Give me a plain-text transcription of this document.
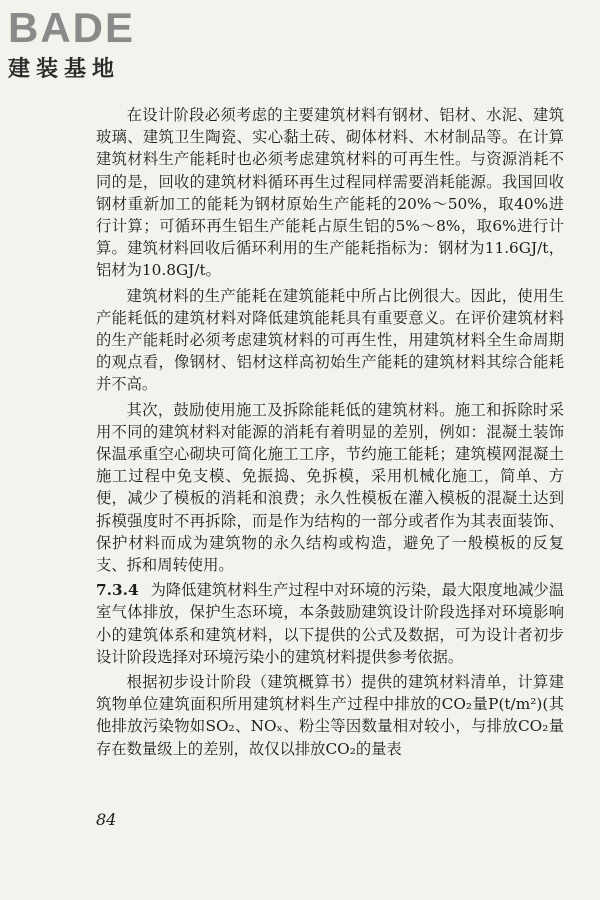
BADE
建装基地

在设计阶段必须考虑的主要建筑材料有钢材、铝材、水泥、建筑玻璃、建筑卫生陶瓷、实心黏土砖、砌体材料、木材制品等。在计算建筑材料生产能耗时也必须考虑建筑材料的可再生性。与资源消耗不同的是，回收的建筑材料循环再生过程同样需要消耗能源。我国回收钢材重新加工的能耗为钢材原始生产能耗的20%～50%，取40%进行计算；可循环再生铝生产能耗占原生铝的5%～8%，取6%进行计算。建筑材料回收后循环利用的生产能耗指标为：钢材为11.6GJ/t，铝材为10.8GJ/t。

建筑材料的生产能耗在建筑能耗中所占比例很大。因此，使用生产能耗低的建筑材料对降低建筑能耗具有重要意义。在评价建筑材料的生产能耗时必须考虑建筑材料的可再生性，用建筑材料全生命周期的观点看，像钢材、铝材这样高初始生产能耗的建筑材料其综合能耗并不高。

其次，鼓励使用施工及拆除能耗低的建筑材料。施工和拆除时采用不同的建筑材料对能源的消耗有着明显的差别，例如：混凝土装饰保温承重空心砌块可简化施工工序，节约施工能耗；建筑模网混凝土施工过程中免支模、免振捣、免拆模，采用机械化施工，简单、方便，减少了模板的消耗和浪费；永久性模板在灌入模板的混凝土达到拆模强度时不再拆除，而是作为结构的一部分或者作为其表面装饰、保护材料而成为建筑物的永久结构或构造，避免了一般模板的反复支、拆和周转使用。

7.3.4 为降低建筑材料生产过程中对环境的污染，最大限度地减少温室气体排放，保护生态环境，本条鼓励建筑设计阶段选择对环境影响小的建筑体系和建筑材料，以下提供的公式及数据，可为设计者初步设计阶段选择对环境污染小的建筑材料提供参考依据。

根据初步设计阶段（建筑概算书）提供的建筑材料清单，计算建筑物单位建筑面积所用建筑材料生产过程中排放的CO₂量P(t/m²)(其他排放污染物如SO₂、NOₓ、粉尘等因数量相对较小，与排放CO₂量存在数量级上的差别，故仅以排放CO₂的量表

84
